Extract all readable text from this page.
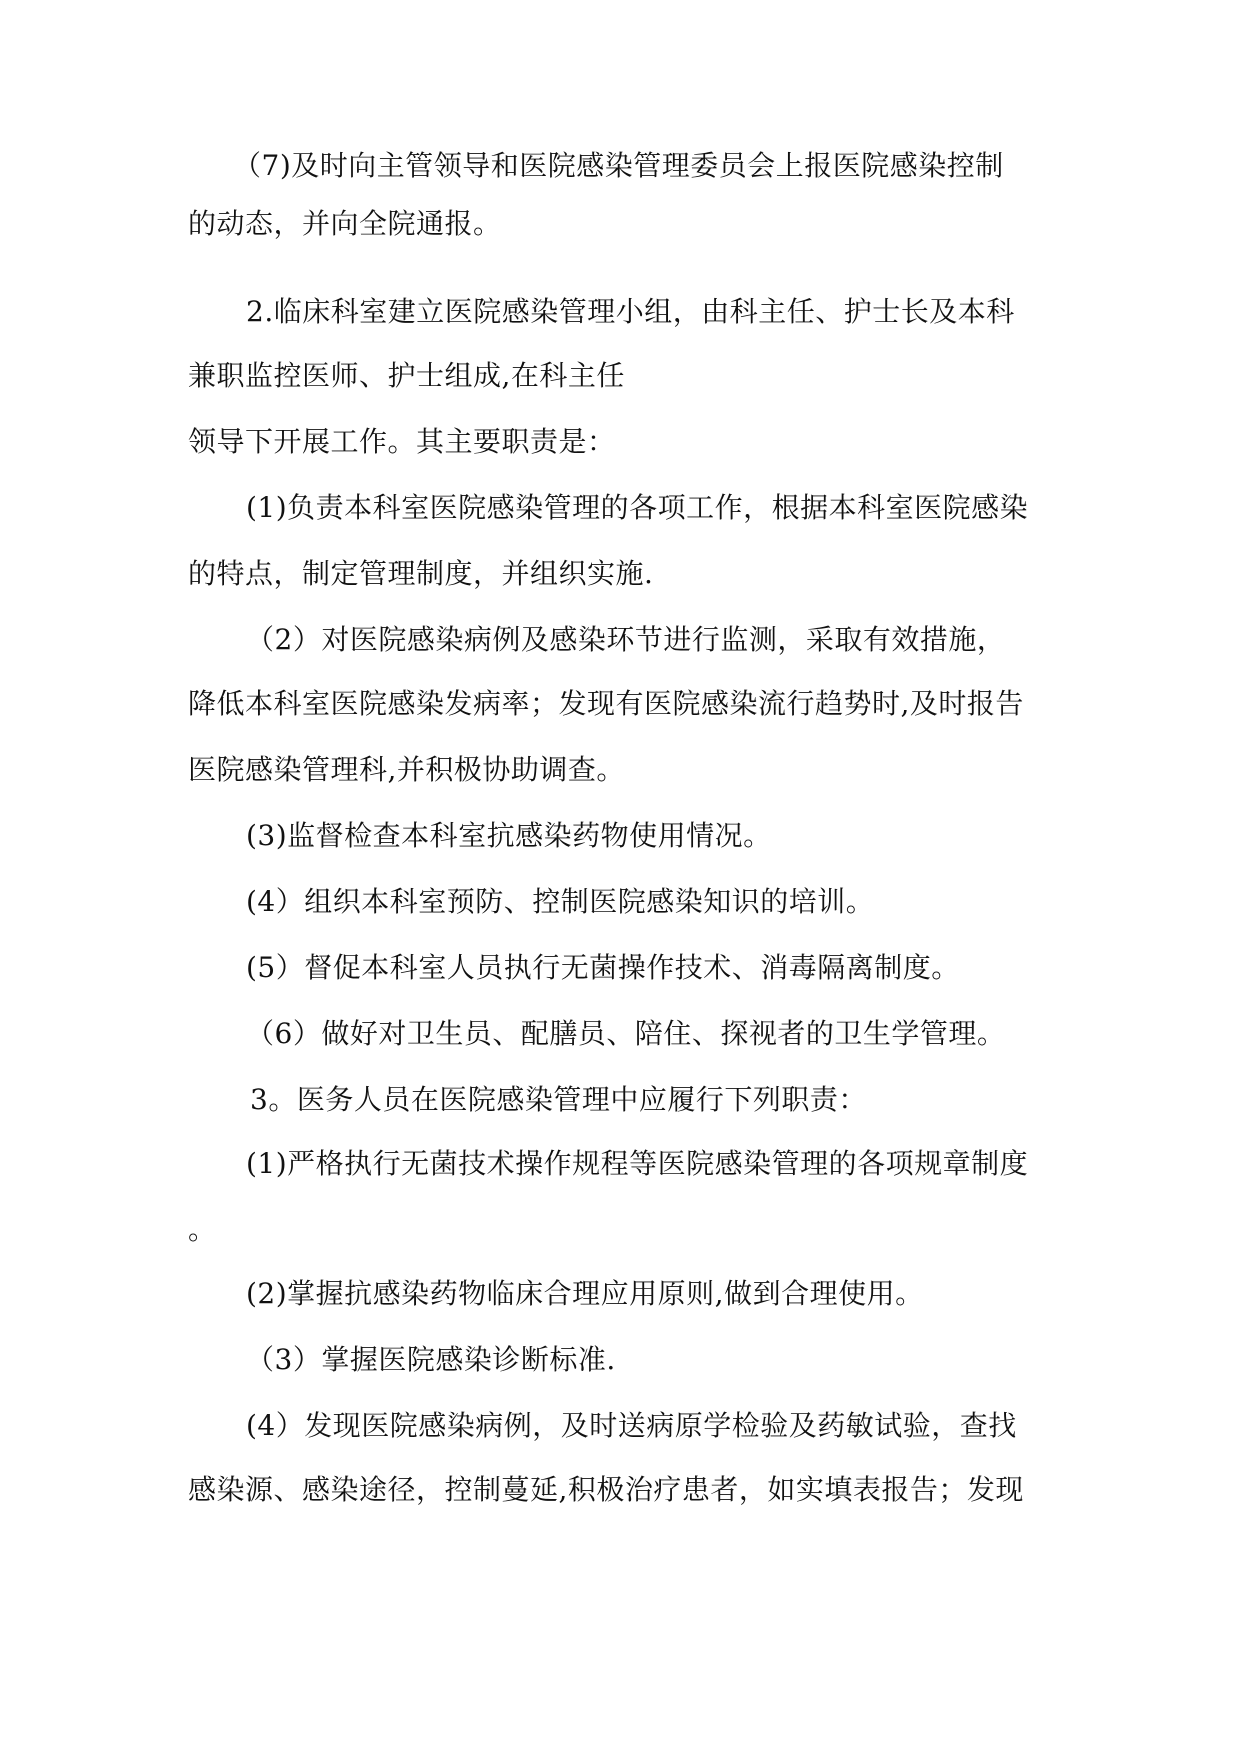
（7)及时向主管领导和医院感染管理委员会上报医院感染控制
的动态，并向全院通报。
2.临床科室建立医院感染管理小组，由科主任、护士长及本科
兼职监控医师、护士组成,在科主任
领导下开展工作。其主要职责是：
(1)负责本科室医院感染管理的各项工作，根据本科室医院感染
的特点，制定管理制度，并组织实施.
（2）对医院感染病例及感染环节进行监测，采取有效措施，
降低本科室医院感染发病率；发现有医院感染流行趋势时,及时报告
医院感染管理科,并积极协助调查。
(3)监督检查本科室抗感染药物使用情况。
(4）组织本科室预防、控制医院感染知识的培训。
(5）督促本科室人员执行无菌操作技术、消毒隔离制度。
（6）做好对卫生员、配膳员、陪住、探视者的卫生学管理。
3。医务人员在医院感染管理中应履行下列职责：
(1)严格执行无菌技术操作规程等医院感染管理的各项规章制度
。
(2)掌握抗感染药物临床合理应用原则,做到合理使用。
（3）掌握医院感染诊断标准.
(4）发现医院感染病例，及时送病原学检验及药敏试验，查找
感染源、感染途径，控制蔓延,积极治疗患者，如实填表报告；发现
